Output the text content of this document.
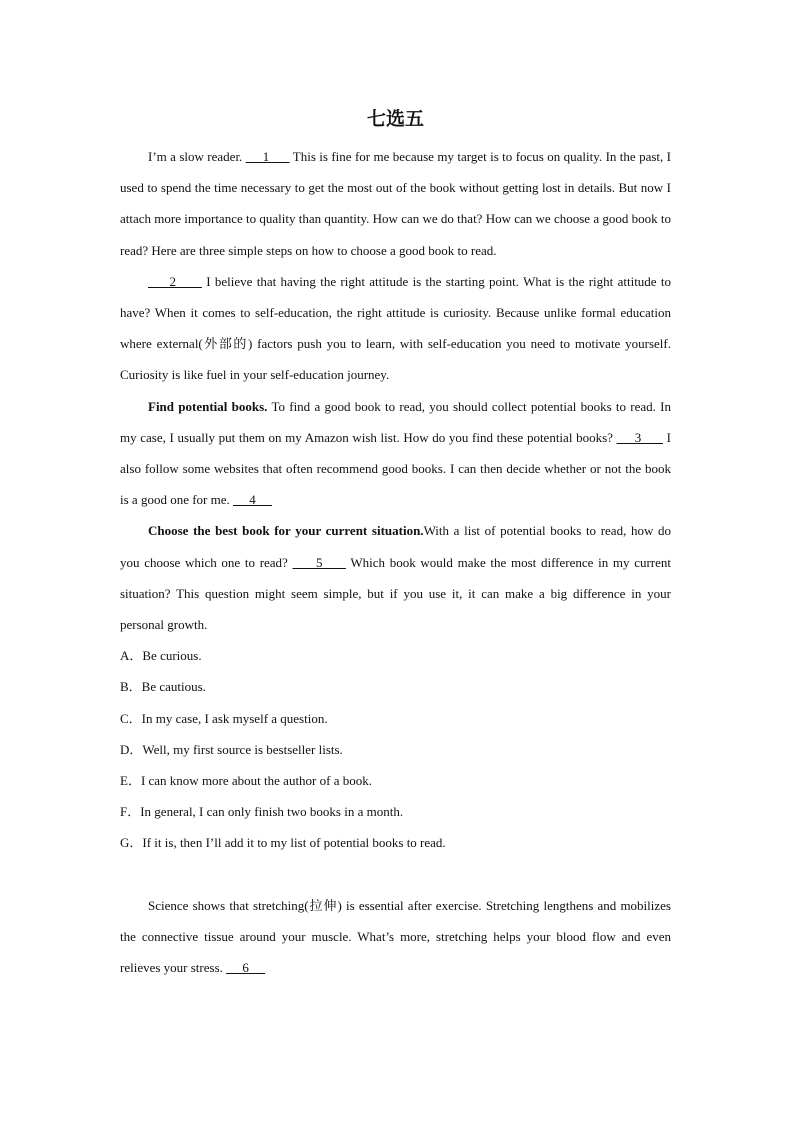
七选五

I’m a slow reader.      1       This is fine for me because my target is to focus on quality. In the past, I used to spend the time necessary to get the most out of the book without getting lost in details. But now I attach more importance to quality than quantity. How can we do that? How can we choose a good book to read? Here are three simple steps on how to choose a good book to read.

2       I believe that having the right attitude is the starting point. What is the right attitude to have? When it comes to self-education, the right attitude is curiosity. Because unlike formal education where external(外部的) factors push you to learn, with self-education you need to motivate yourself. Curiosity is like fuel in your self-education journey.

Find potential books. To find a good book to read, you should collect potential books to read. In my case, I usually put them on my Amazon wish list. How do you find these potential books?      3       I also follow some websites that often recommend good books. I can then decide whether or not the book is a good one for me.      4

Choose the best book for your current situation.With a list of potential books to read, how do you choose which one to read?      5      Which book would make the most difference in my current situation? This question might seem simple, but if you use it, it can make a big difference in your personal growth.

A．Be curious.

B．Be cautious.

C．In my case, I ask myself a question.

D．Well, my first source is bestseller lists.

E．I can know more about the author of a book.

F．In general, I can only finish two books in a month.

G．If it is, then I’ll add it to my list of potential books to read.

Science shows that stretching(拉伸) is essential after exercise. Stretching lengthens and mobilizes the connective tissue around your muscle. What’s more, stretching helps your blood flow and even relieves your stress.      6
